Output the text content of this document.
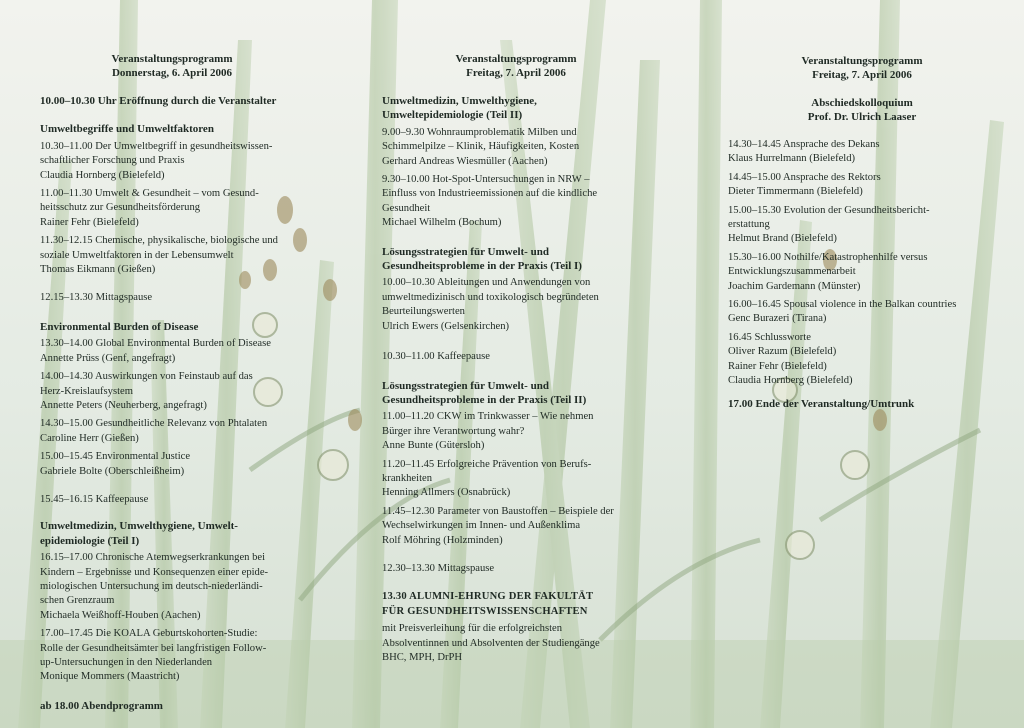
Veranstaltungsprogramm

Donnerstag, 6. April 2006

10.00–10.30 Uhr Eröffnung durch die Veranstalter

Umweltbegriffe und Umweltfaktoren

10.30–11.00 Der Umweltbegriff in gesundheitswissen-

schaftlicher Forschung und Praxis

Claudia Hornberg (Bielefeld)

11.00–11.30 Umwelt & Gesundheit – vom Gesund-

heitsschutz zur Gesundheitsförderung

Rainer Fehr (Bielefeld)

11.30–12.15 Chemische, physikalische, biologische und

soziale Umweltfaktoren in der Lebensumwelt

Thomas Eikmann (Gießen)

12.15–13.30 Mittagspause

Environmental Burden of Disease

13.30–14.00 Global Environmental Burden of Disease

Annette Prüss (Genf, angefragt)

14.00–14.30 Auswirkungen von Feinstaub auf das

Herz-Kreislaufsystem

Annette Peters (Neuherberg, angefragt)

14.30–15.00 Gesundheitliche Relevanz von Phtalaten

Caroline Herr (Gießen)

15.00–15.45 Environmental Justice

Gabriele Bolte (Oberschleißheim)

15.45–16.15 Kaffeepause

Umweltmedizin, Umwelthygiene, Umwelt-

epidemiologie (Teil I)

16.15–17.00 Chronische Atemwegserkrankungen bei

Kindern – Ergebnisse und Konsequenzen einer epide-

miologischen Untersuchung im deutsch-niederländi-

schen Grenzraum

Michaela Weißhoff-Houben (Aachen)

17.00–17.45 Die KOALA Geburtskohorten-Studie:

Rolle der Gesundheitsämter bei langfristigen Follow-

up-Untersuchungen in den Niederlanden

Monique Mommers (Maastricht)

ab 18.00 Abendprogramm

Veranstaltungsprogramm

Freitag, 7. April 2006

Umweltmedizin, Umwelthygiene,

Umweltepidemiologie (Teil II)

9.00–9.30 Wohnraumproblematik Milben und

Schimmelpilze – Klinik, Häufigkeiten, Kosten

Gerhard Andreas Wiesmüller (Aachen)

9.30–10.00 Hot-Spot-Untersuchungen in NRW –

Einfluss von Industrieemissionen auf die kindliche

Gesundheit

Michael Wilhelm (Bochum)

Lösungsstrategien für Umwelt- und

Gesundheitsprobleme in der Praxis (Teil I)

10.00–10.30 Ableitungen und Anwendungen von

umweltmedizinisch und toxikologisch begründeten

Beurteilungswerten

Ulrich Ewers (Gelsenkirchen)

10.30–11.00 Kaffeepause

Lösungsstrategien für Umwelt- und

Gesundheitsprobleme in der Praxis (Teil II)

11.00–11.20 CKW im Trinkwasser – Wie nehmen

Bürger ihre Verantwortung wahr?

Anne Bunte (Gütersloh)

11.20–11.45 Erfolgreiche Prävention von Berufs-

krankheiten

Henning Allmers (Osnabrück)

11.45–12.30 Parameter von Baustoffen – Beispiele der

Wechselwirkungen im Innen- und Außenklima

Rolf Möhring (Holzminden)

12.30–13.30 Mittagspause

13.30 ALUMNI-EHRUNG DER FAKULTÄT

FÜR GESUNDHEITSWISSENSCHAFTEN

mit Preisverleihung für die erfolgreichsten

Absolventinnen und Absolventen der Studiengänge

BHC, MPH, DrPH

Veranstaltungsprogramm

Freitag, 7. April 2006

Abschiedskolloquium

Prof. Dr. Ulrich Laaser

14.30–14.45 Ansprache des Dekans

Klaus Hurrelmann (Bielefeld)

14.45–15.00 Ansprache des Rektors

Dieter Timmermann (Bielefeld)

15.00–15.30 Evolution der Gesundheitsbericht-

erstattung

Helmut Brand (Bielefeld)

15.30–16.00 Nothilfe/Katastrophenhilfe versus

Entwicklungszusammenarbeit

Joachim Gardemann (Münster)

16.00–16.45 Spousal violence in the Balkan countries

Genc Burazeri (Tirana)

16.45 Schlussworte

Oliver Razum (Bielefeld)

Rainer Fehr (Bielefeld)

Claudia Hornberg (Bielefeld)

17.00 Ende der Veranstaltung/Umtrunk
